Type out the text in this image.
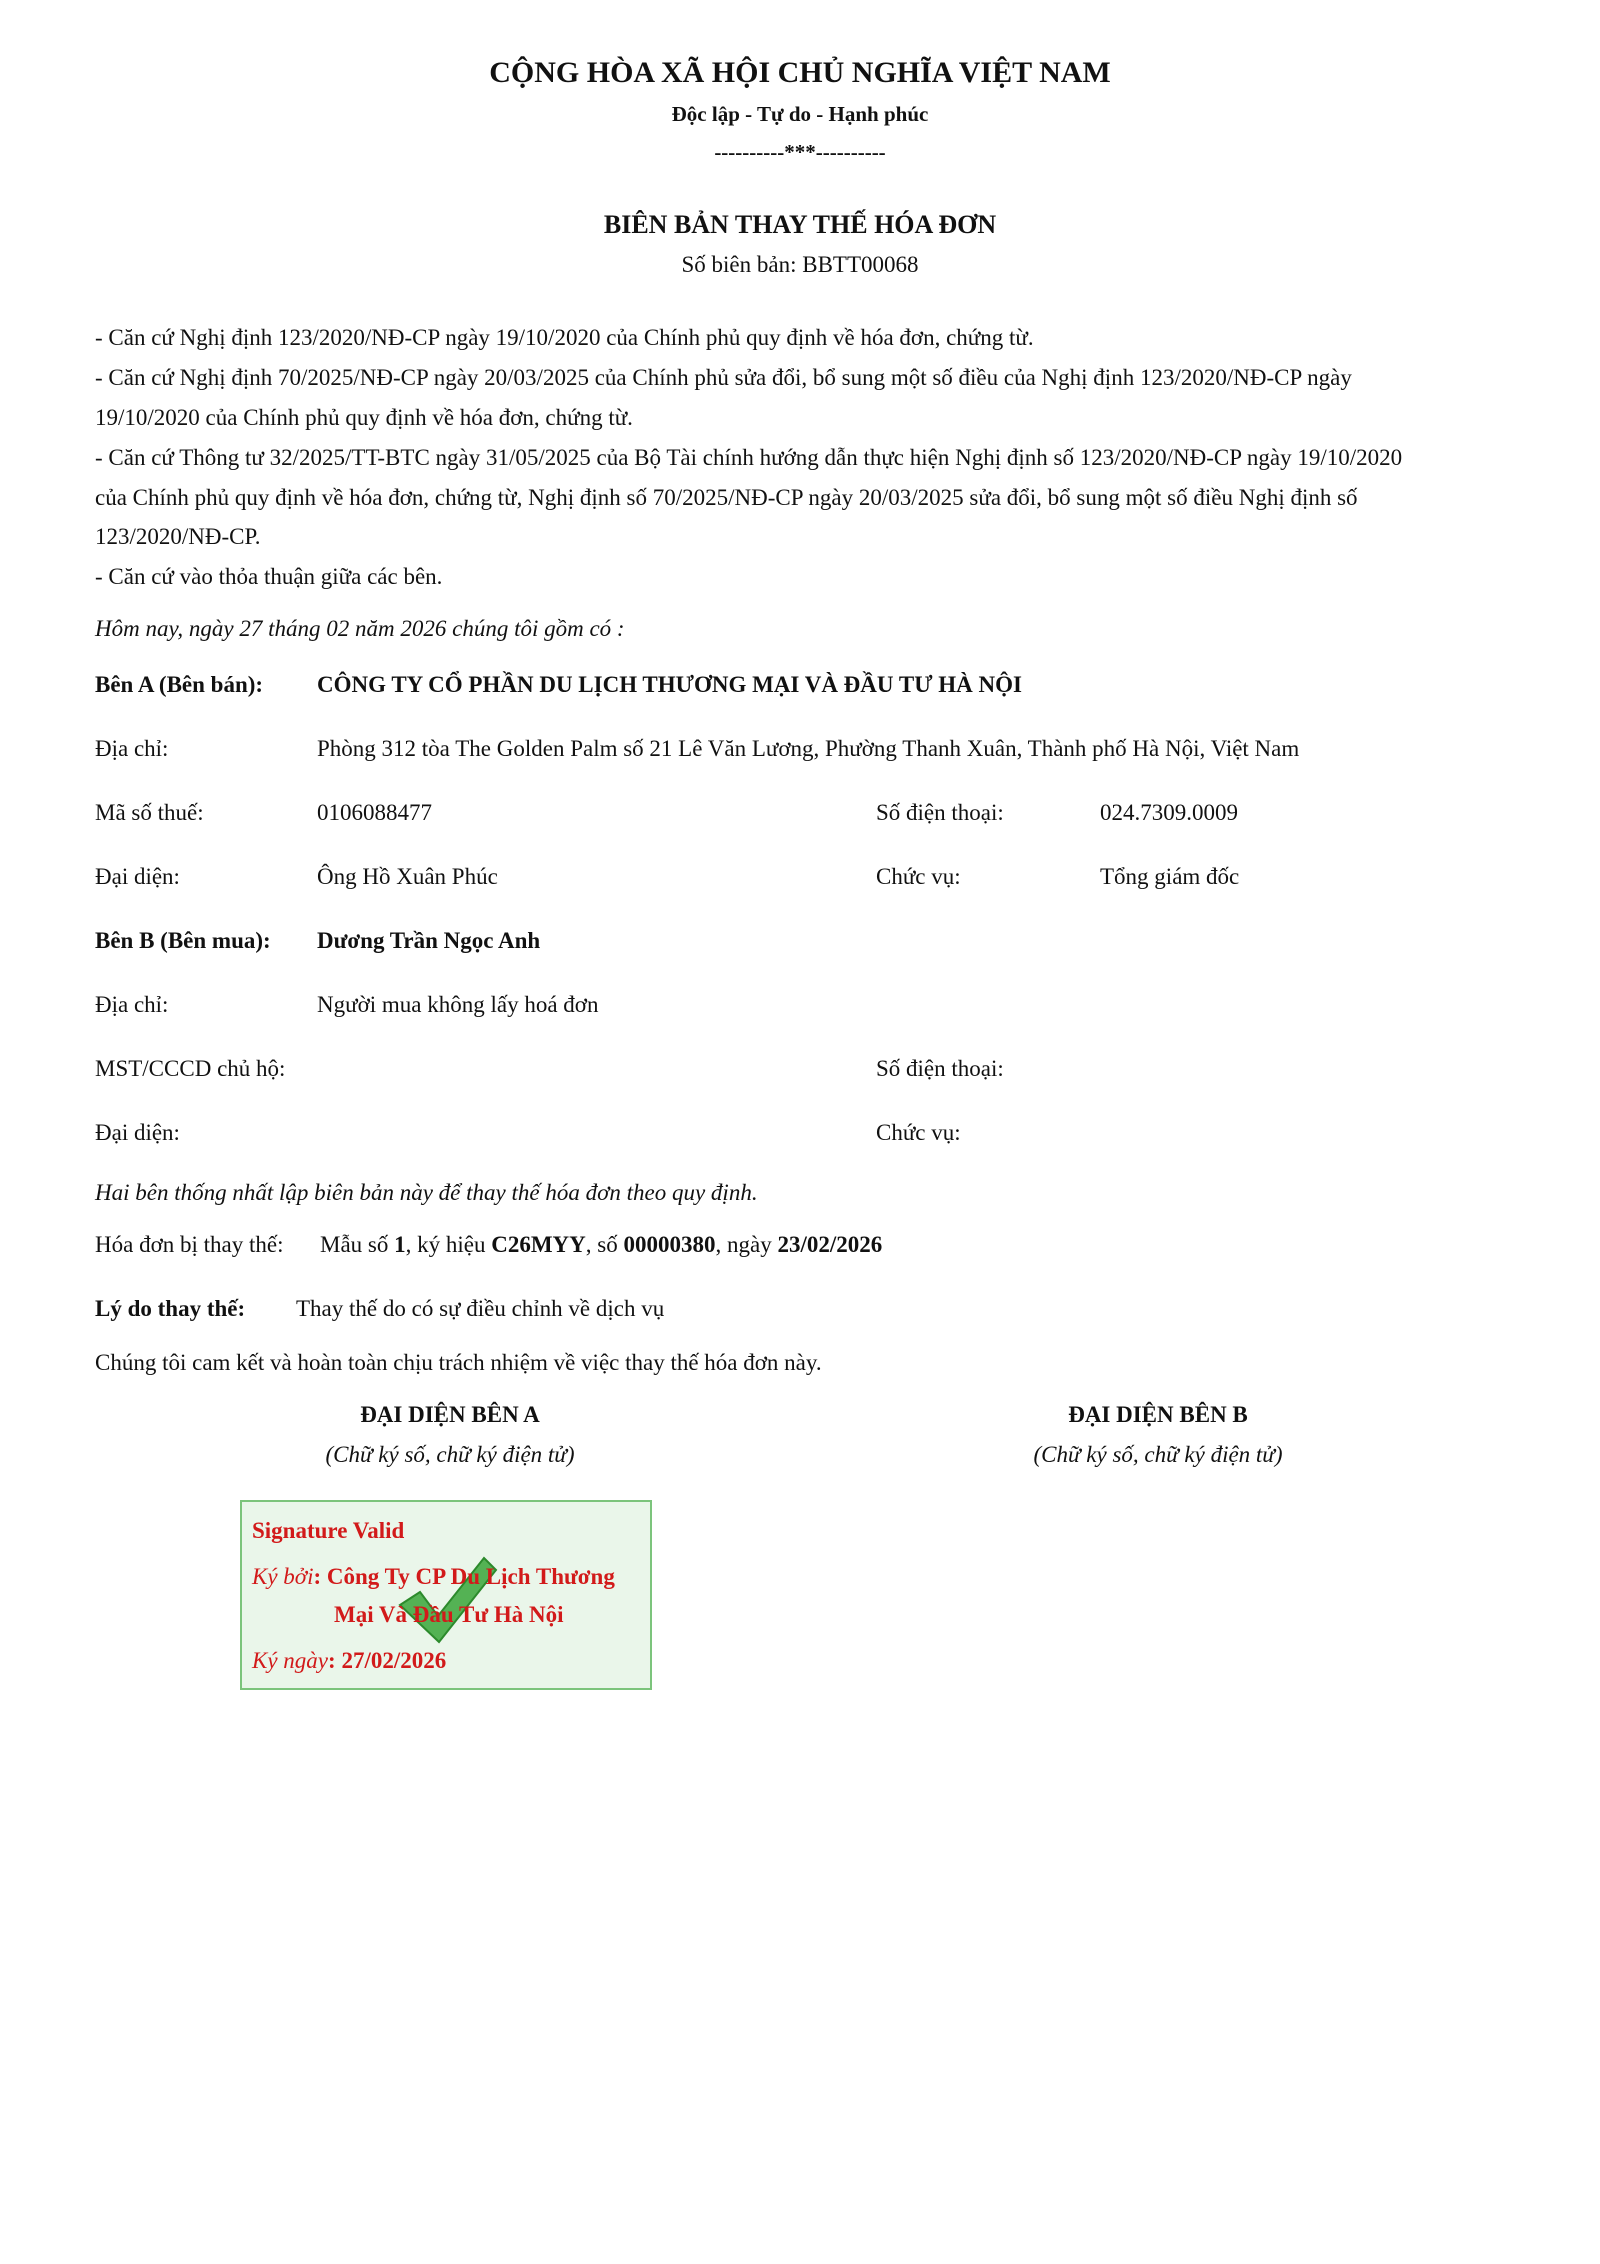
CỘNG HÒA XÃ HỘI CHỦ NGHĨA VIỆT NAM
Độc lập - Tự do - Hạnh phúc
----------***----------
BIÊN BẢN THAY THẾ HÓA ĐƠN
Số biên bản: BBTT00068
- Căn cứ Nghị định 123/2020/NĐ-CP ngày 19/10/2020 của Chính phủ quy định về hóa đơn, chứng từ.
- Căn cứ Nghị định 70/2025/NĐ-CP ngày 20/03/2025 của Chính phủ sửa đổi, bổ sung một số điều của Nghị định 123/2020/NĐ-CP ngày
19/10/2020 của Chính phủ quy định về hóa đơn, chứng từ.
- Căn cứ Thông tư 32/2025/TT-BTC ngày 31/05/2025 của Bộ Tài chính hướng dẫn thực hiện Nghị định số 123/2020/NĐ-CP ngày 19/10/2020
của Chính phủ quy định về hóa đơn, chứng từ, Nghị định số 70/2025/NĐ-CP ngày 20/03/2025 sửa đổi, bổ sung một số điều Nghị định số
123/2020/NĐ-CP.
- Căn cứ vào thỏa thuận giữa các bên.
Hôm nay, ngày 27 tháng 02 năm 2026 chúng tôi gồm có :
Bên A (Bên bán): CÔNG TY CỔ PHẦN DU LỊCH THƯƠNG MẠI VÀ ĐẦU TƯ HÀ NỘI
Địa chỉ:	Phòng 312 tòa The Golden Palm số 21 Lê Văn Lương, Phường Thanh Xuân, Thành phố Hà Nội, Việt Nam
Mã số thuế:	0106088477	Số điện thoại:	024.7309.0009
Đại diện:	Ông Hồ Xuân Phúc	Chức vụ:	Tổng giám đốc
Bên B (Bên mua): Dương Trần Ngọc Anh
Địa chỉ:	Người mua không lấy hoá đơn
MST/CCCD chủ hộ:	Số điện thoại:
Đại diện:	Chức vụ:
Hai bên thống nhất lập biên bản này để thay thế hóa đơn theo quy định.
Hóa đơn bị thay thế: Mẫu số 1, ký hiệu C26MYY, số 00000380, ngày 23/02/2026
Lý do thay thế: Thay thế do có sự điều chỉnh về dịch vụ
Chúng tôi cam kết và hoàn toàn chịu trách nhiệm về việc thay thế hóa đơn này.
ĐẠI DIỆN BÊN A
(Chữ ký số, chữ ký điện tử)
ĐẠI DIỆN BÊN B
(Chữ ký số, chữ ký điện tử)
Signature Valid
Ký bởi: Công Ty CP Du Lịch Thương
Mại Và Đầu Tư Hà Nội
Ký ngày: 27/02/2026
